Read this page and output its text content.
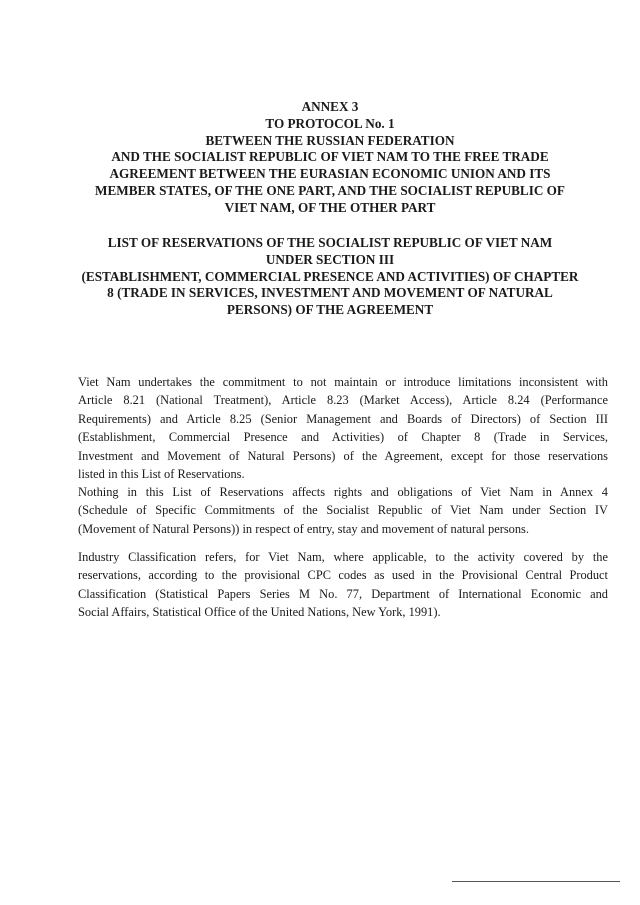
ANNEX 3
TO PROTOCOL No. 1
BETWEEN THE RUSSIAN FEDERATION
AND THE SOCIALIST REPUBLIC OF VIET NAM TO THE FREE TRADE
AGREEMENT BETWEEN THE EURASIAN ECONOMIC UNION AND ITS
MEMBER STATES, OF THE ONE PART, AND THE SOCIALIST REPUBLIC OF
VIET NAM, OF THE OTHER PART
LIST OF RESERVATIONS OF THE SOCIALIST REPUBLIC OF VIET NAM
UNDER SECTION III
(ESTABLISHMENT, COMMERCIAL PRESENCE AND ACTIVITIES) OF CHAPTER
8 (TRADE IN SERVICES, INVESTMENT AND MOVEMENT OF NATURAL
PERSONS) OF THE AGREEMENT
Viet Nam undertakes the commitment to not maintain or introduce limitations inconsistent with
Article 8.21 (National Treatment), Article 8.23 (Market Access), Article 8.24 (Performance
Requirements) and Article 8.25 (Senior Management and Boards of Directors) of Section III
(Establishment, Commercial Presence and Activities) of Chapter 8 (Trade in Services,
Investment and Movement of Natural Persons) of the Agreement, except for those reservations
listed in this List of Reservations.
Nothing in this List of Reservations affects rights and obligations of Viet Nam in Annex 4
(Schedule of Specific Commitments of the Socialist Republic of Viet Nam under Section IV
(Movement of Natural Persons)) in respect of entry, stay and movement of natural persons.
Industry Classification refers, for Viet Nam, where applicable, to the activity covered by the
reservations, according to the provisional CPC codes as used in the Provisional Central Product
Classification (Statistical Papers Series M No. 77, Department of International Economic and
Social Affairs, Statistical Office of the United Nations, New York, 1991).
